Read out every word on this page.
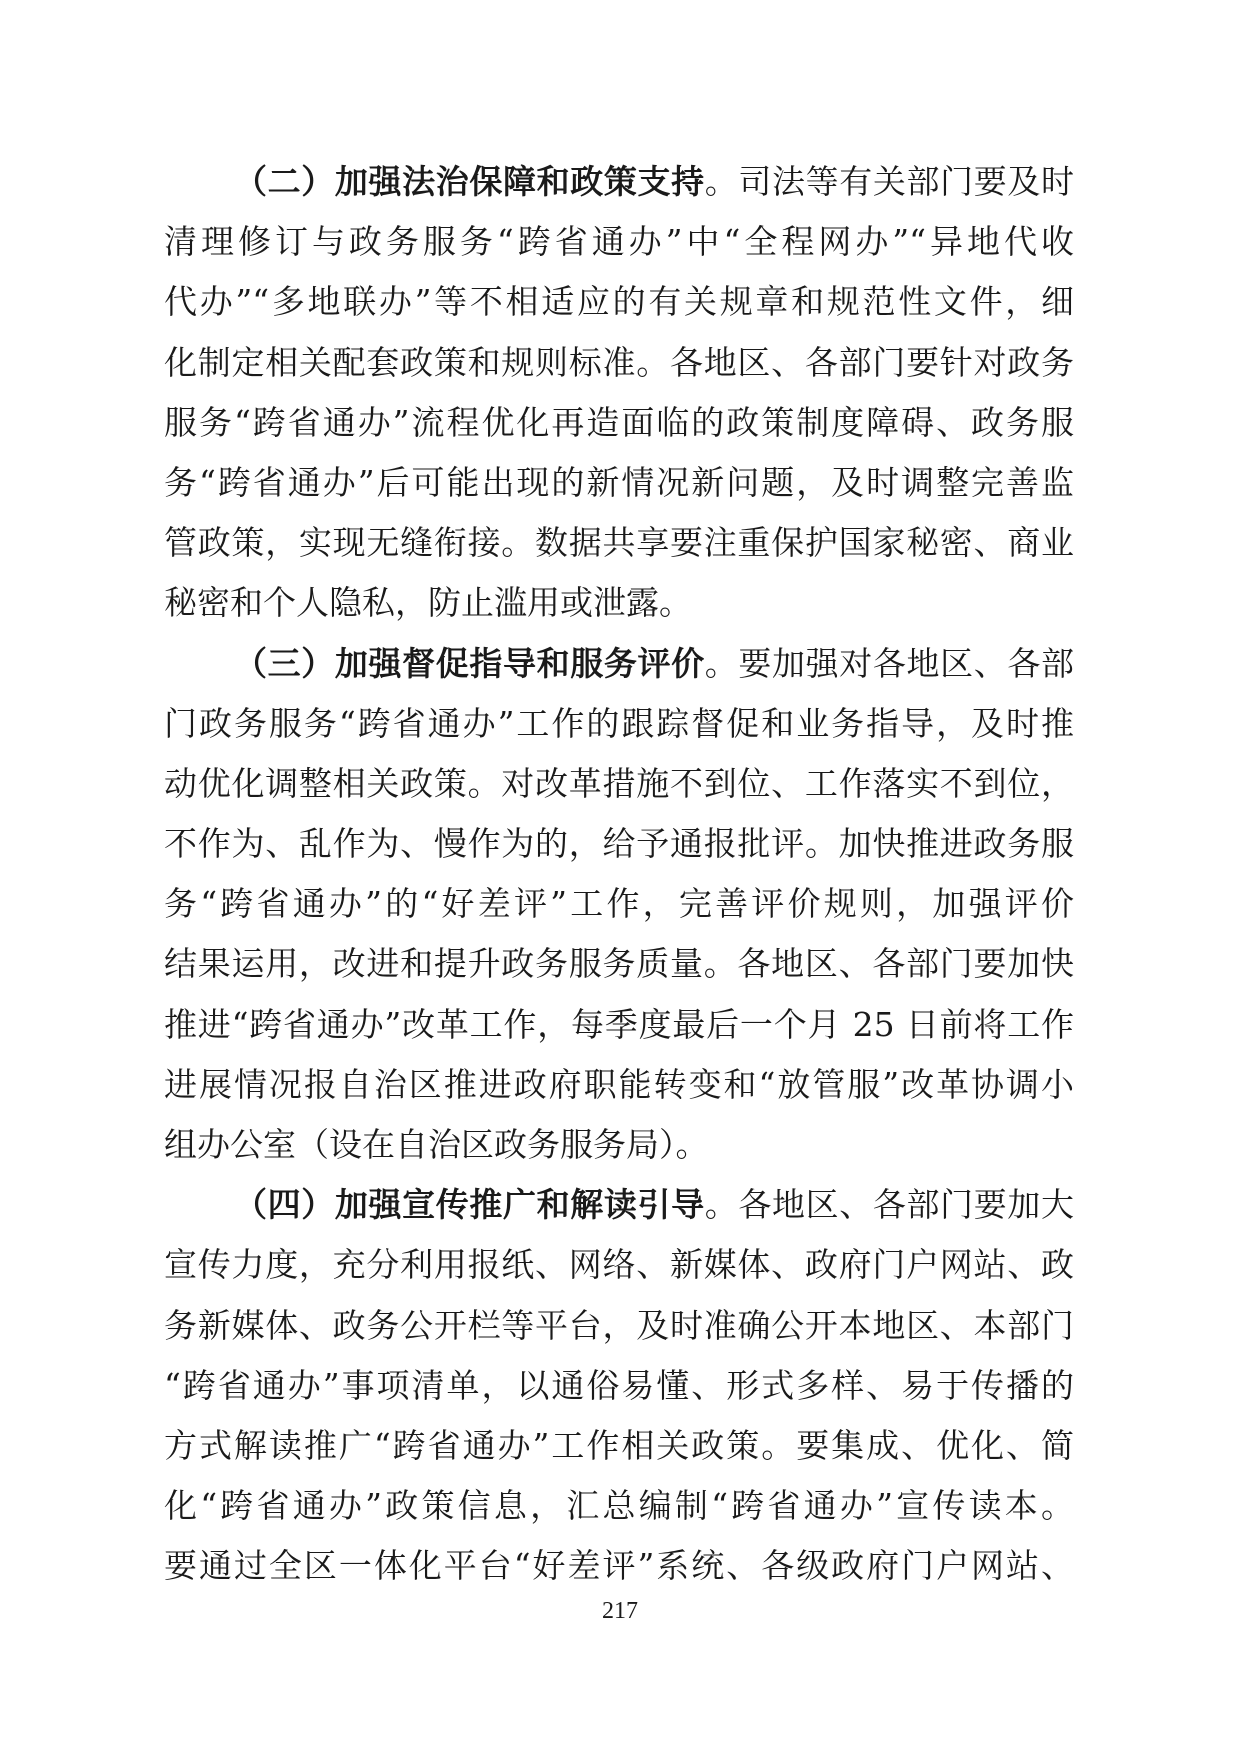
（二）加强法治保障和政策支持。司法等有关部门要及时
清理修订与政务服务“跨省通办”中“全程网办”“异地代收
代办”“多地联办”等不相适应的有关规章和规范性文件，细
化制定相关配套政策和规则标准。各地区、各部门要针对政务
服务“跨省通办”流程优化再造面临的政策制度障碍、政务服
务“跨省通办”后可能出现的新情况新问题，及时调整完善监
管政策，实现无缝衔接。数据共享要注重保护国家秘密、商业
秘密和个人隐私，防止滥用或泄露。
（三）加强督促指导和服务评价。要加强对各地区、各部
门政务服务“跨省通办”工作的跟踪督促和业务指导，及时推
动优化调整相关政策。对改革措施不到位、工作落实不到位，
不作为、乱作为、慢作为的，给予通报批评。加快推进政务服
务“跨省通办”的“好差评”工作，完善评价规则，加强评价
结果运用，改进和提升政务服务质量。各地区、各部门要加快
推进“跨省通办”改革工作，每季度最后一个月 25 日前将工作
进展情况报自治区推进政府职能转变和“放管服”改革协调小
组办公室（设在自治区政务服务局）。
（四）加强宣传推广和解读引导。各地区、各部门要加大
宣传力度，充分利用报纸、网络、新媒体、政府门户网站、政
务新媒体、政务公开栏等平台，及时准确公开本地区、本部门
“跨省通办”事项清单，以通俗易懂、形式多样、易于传播的
方式解读推广“跨省通办”工作相关政策。要集成、优化、简
化“跨省通办”政策信息，汇总编制“跨省通办”宣传读本。
要通过全区一体化平台“好差评”系统、各级政府门户网站、
217
